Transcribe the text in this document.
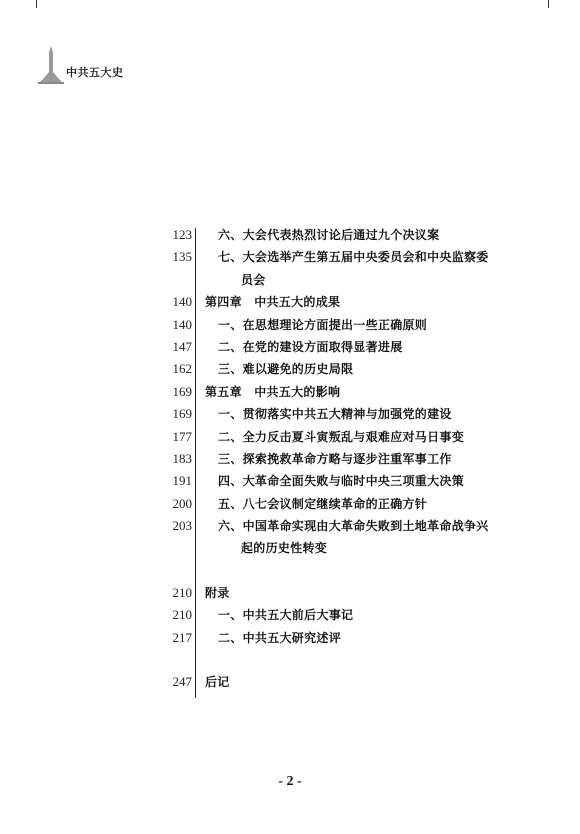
中共五大史
123 六、大会代表热烈讨论后通过九个决议案
135 七、大会选举产生第五届中央委员会和中央监察委
员会
140 第四章　中共五大的成果
140 一、在思想理论方面提出一些正确原则
147 二、在党的建设方面取得显著进展
162 三、难以避免的历史局限
169 第五章　中共五大的影响
169 一、贯彻落实中共五大精神与加强党的建设
177 二、全力反击夏斗寅叛乱与艰难应对马日事变
183 三、探索挽救革命方略与逐步注重军事工作
191 四、大革命全面失败与临时中央三项重大决策
200 五、八七会议制定继续革命的正确方针
203 六、中国革命实现由大革命失败到土地革命战争兴
起的历史性转变
210 附录
210 一、中共五大前后大事记
217 二、中共五大研究述评
247 后记
- 2 -
